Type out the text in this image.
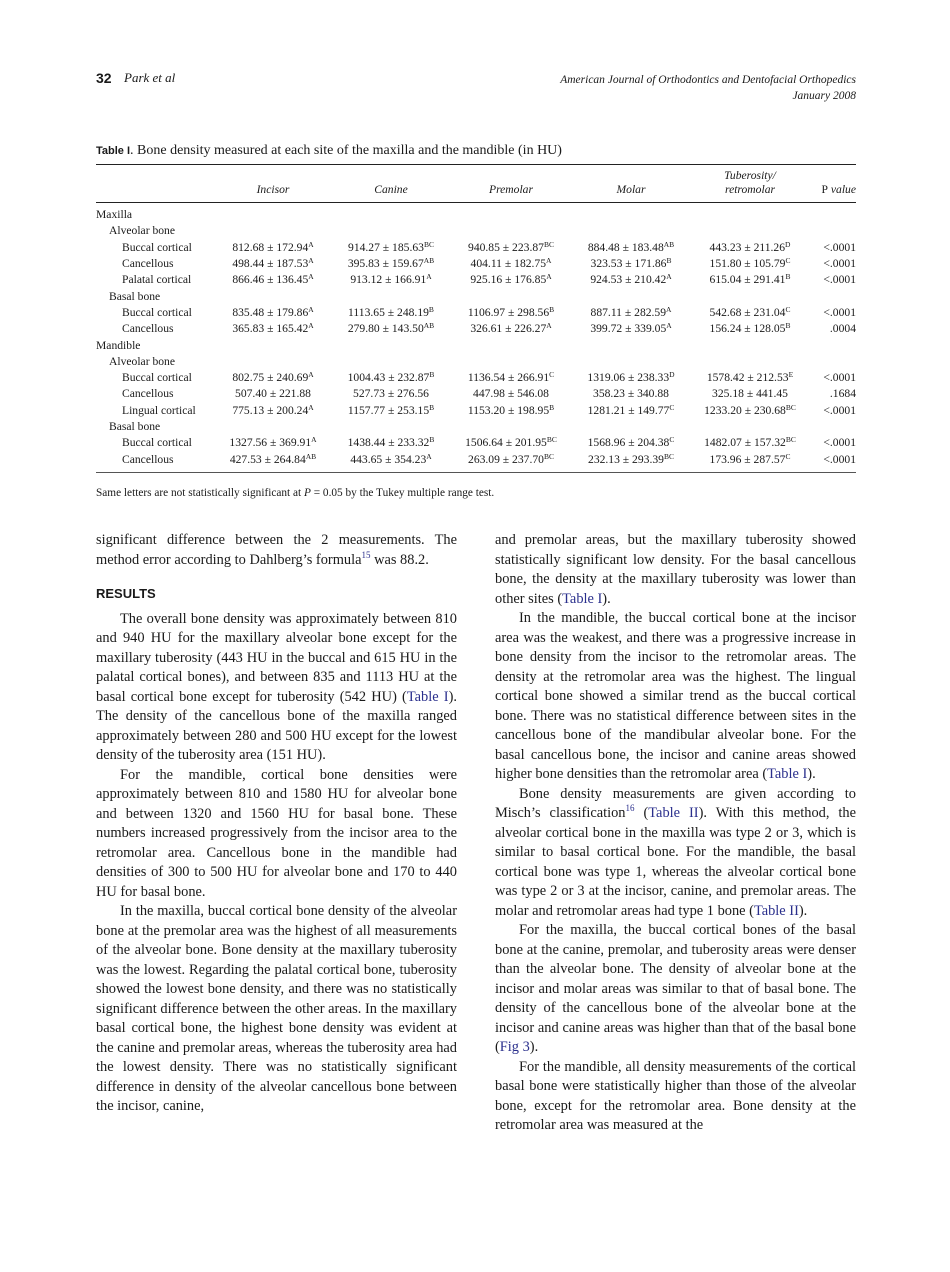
32 Park et al	American Journal of Orthodontics and Dentofacial Orthopedics
January 2008
Table I. Bone density measured at each site of the maxilla and the mandible (in HU)

	Incisor	Canine	Premolar	Molar	Tuberosity/
retromolar	P value
Maxilla						
Alveolar bone						
Buccal cortical	$812.68 \pm 172.94^A$	$914.27 \pm 185.63^{BC}$	$940.85 \pm 223.87^{BC}$	$884.48 \pm 183.48^{AB}$	$443.23 \pm 211.26^D$	<.0001
Cancellous	$498.44 \pm 187.53^A$	$395.83 \pm 159.67^{AB}$	$404.11 \pm 182.75^A$	$323.53 \pm 171.86^B$	$151.80 \pm 105.79^C$	<.0001
Palatal cortical	$866.46 \pm 136.45^A$	$913.12 \pm 166.91^A$	$925.16 \pm 176.85^A$	$924.53 \pm 210.42^A$	$615.04 \pm 291.41^B$	<.0001
Basal bone						
Buccal cortical	$835.48 \pm 179.86^A$	$1113.65 \pm 248.19^B$	$1106.97 \pm 298.56^B$	$887.11 \pm 282.59^A$	$542.68 \pm 231.04^C$	<.0001
Cancellous	$365.83 \pm 165.42^A$	$279.80 \pm 143.50^{AB}$	$326.61 \pm 226.27^A$	$399.72 \pm 339.05^A$	$156.24 \pm 128.05^B$	.0004
Mandible						
Alveolar bone						
Buccal cortical	$802.75 \pm 240.69^A$	$1004.43 \pm 232.87^B$	$1136.54 \pm 266.91^C$	$1319.06 \pm 238.33^D$	$1578.42 \pm 212.53^E$	<.0001
Cancellous	507.40 ± 221.88	527.73 ± 276.56	447.98 ± 546.08	358.23 ± 340.88	325.18 ± 441.45	.1684
Lingual cortical	$775.13 \pm 200.24^A$	$1157.77 \pm 253.15^B$	$1153.20 \pm 198.95^B$	$1281.21 \pm 149.77^C$	$1233.20 \pm 230.68^{BC}$	<.0001
Basal bone						
Buccal cortical	$1327.56 \pm 369.91^A$	$1438.44 \pm 233.32^B$	$1506.64 \pm 201.95^{BC}$	$1568.96 \pm 204.38^C$	$1482.07 \pm 157.32^{BC}$	<.0001
Cancellous	$427.53 \pm 264.84^{AB}$	$443.65 \pm 354.23^A$	$263.09 \pm 237.70^{BC}$	$232.13 \pm 293.39^{BC}$	$173.96 \pm 287.57^C$	<.0001
Same letters are not statistically significant at P = 0.05 by the Tukey multiple range test.

significant difference between the 2 measurements. The method error according to Dahlberg’s formula$^{15}$ was 88.2.

RESULTS

The overall bone density was approximately between 810 and 940 HU for the maxillary alveolar bone except for the maxillary tuberosity (443 HU in the buccal and 615 HU in the palatal cortical bones), and between 835 and 1113 HU at the basal cortical bone except for tuberosity (542 HU) (Table I). The density of the cancellous bone of the maxilla ranged approximately between 280 and 500 HU except for the lowest density of the tuberosity area (151 HU).

For the mandible, cortical bone densities were approximately between 810 and 1580 HU for alveolar bone and between 1320 and 1560 HU for basal bone. These numbers increased progressively from the incisor area to the retromolar area. Cancellous bone in the mandible had densities of 300 to 500 HU for alveolar bone and 170 to 440 HU for basal bone.

In the maxilla, buccal cortical bone density of the alveolar bone at the premolar area was the highest of all measurements of the alveolar bone. Bone density at the maxillary tuberosity was the lowest. Regarding the palatal cortical bone, tuberosity showed the lowest bone density, and there was no statistically significant difference between the other areas. In the maxillary basal cortical bone, the highest bone density was evident at the canine and premolar areas, whereas the tuberosity area had the lowest density. There was no statistically significant difference in density of the alveolar cancellous bone between the incisor, canine,

and premolar areas, but the maxillary tuberosity showed statistically significant low density. For the basal cancellous bone, the density at the maxillary tuberosity was lower than other sites (Table I).

In the mandible, the buccal cortical bone at the incisor area was the weakest, and there was a progressive increase in bone density from the incisor to the retromolar areas. The density at the retromolar area was the highest. The lingual cortical bone showed a similar trend as the buccal cortical bone. There was no statistical difference between sites in the cancellous bone of the mandibular alveolar bone. For the basal cancellous bone, the incisor and canine areas showed higher bone densities than the retromolar area (Table I).

Bone density measurements are given according to Misch’s classification$^{16}$ (Table II). With this method, the alveolar cortical bone in the maxilla was type 2 or 3, which is similar to basal cortical bone. For the mandible, the basal cortical bone was type 1, whereas the alveolar cortical bone was type 2 or 3 at the incisor, canine, and premolar areas. The molar and retromolar areas had type 1 bone (Table II).

For the maxilla, the buccal cortical bones of the basal bone at the canine, premolar, and tuberosity areas were denser than the alveolar bone. The density of alveolar bone at the incisor and molar areas was similar to that of basal bone. The density of the cancellous bone of the alveolar bone at the incisor and canine areas was higher than that of the basal bone (Fig 3).

For the mandible, all density measurements of the cortical basal bone were statistically higher than those of the alveolar bone, except for the retromolar area. Bone density at the retromolar area was measured at the
